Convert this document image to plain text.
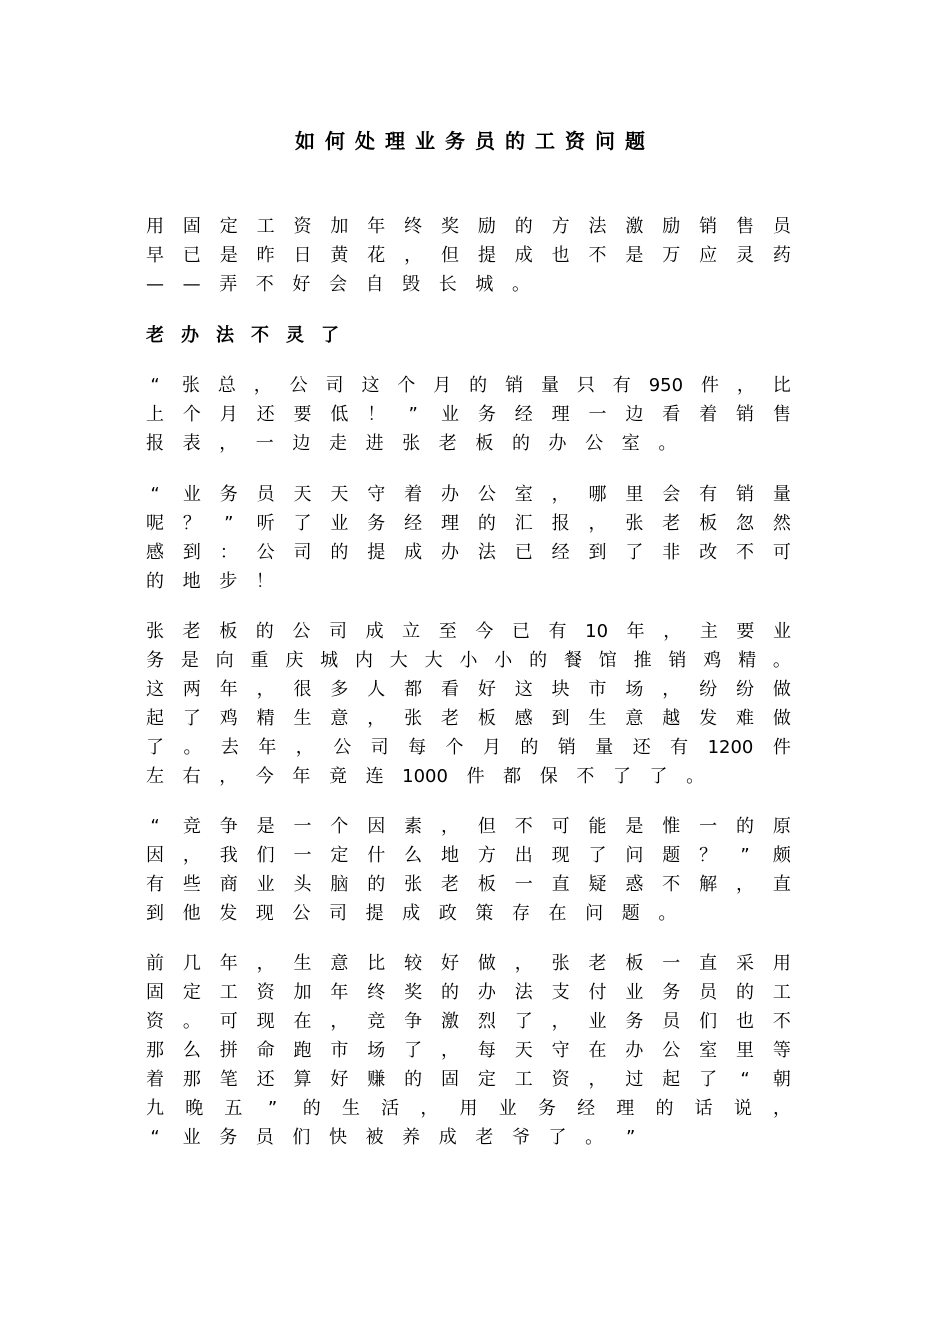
如何处理业务员的工资问题

用 固 定 工 资 加 年 终 奖 励 的 方 法 激 励 销 售 员

早 已 是 昨 日 黄 花 ， 但 提 成 也 不 是 万 应 灵 药

— — 弄 不 好 会 自 毁 长 城 。

老办法不灵了

“ 张 总 ， 公 司 这 个 月 的 销 量 只 有 950 件 ， 比

上 个 月 还 要 低 ！ ” 业 务 经 理 一 边 看 着 销 售

报 表 ， 一 边 走 进 张 老 板 的 办 公 室 。

“ 业 务 员 天 天 守 着 办 公 室 ， 哪 里 会 有 销 量

呢 ？ ” 听 了 业 务 经 理 的 汇 报 ， 张 老 板 忽 然

感 到 ： 公 司 的 提 成 办 法 已 经 到 了 非 改 不 可

的 地 步 ！

张 老 板 的 公 司 成 立 至 今 已 有 10 年 ， 主 要 业

务 是 向 重 庆 城 内 大 大 小 小 的 餐 馆 推 销 鸡 精 。

这 两 年 ， 很 多 人 都 看 好 这 块 市 场 ， 纷 纷 做

起 了 鸡 精 生 意 ， 张 老 板 感 到 生 意 越 发 难 做

了 。 去 年 ， 公 司 每 个 月 的 销 量 还 有 1200 件

左 右 ， 今 年 竟 连 1000 件 都 保 不 了 了 。

“ 竞 争 是 一 个 因 素 ， 但 不 可 能 是 惟 一 的 原

因 ， 我 们 一 定 什 么 地 方 出 现 了 问 题 ？ ” 颇

有 些 商 业 头 脑 的 张 老 板 一 直 疑 惑 不 解 ， 直

到 他 发 现 公 司 提 成 政 策 存 在 问 题 。

前 几 年 ， 生 意 比 较 好 做 ， 张 老 板 一 直 采 用

固 定 工 资 加 年 终 奖 的 办 法 支 付 业 务 员 的 工

资 。 可 现 在 ， 竞 争 激 烈 了 ， 业 务 员 们 也 不

那 么 拼 命 跑 市 场 了 ， 每 天 守 在 办 公 室 里 等

着 那 笔 还 算 好 赚 的 固 定 工 资 ， 过 起 了 “ 朝

九 晚 五 ” 的 生 活 ， 用 业 务 经 理 的 话 说 ，

“ 业 务 员 们 快 被 养 成 老 爷 了 。 ”
